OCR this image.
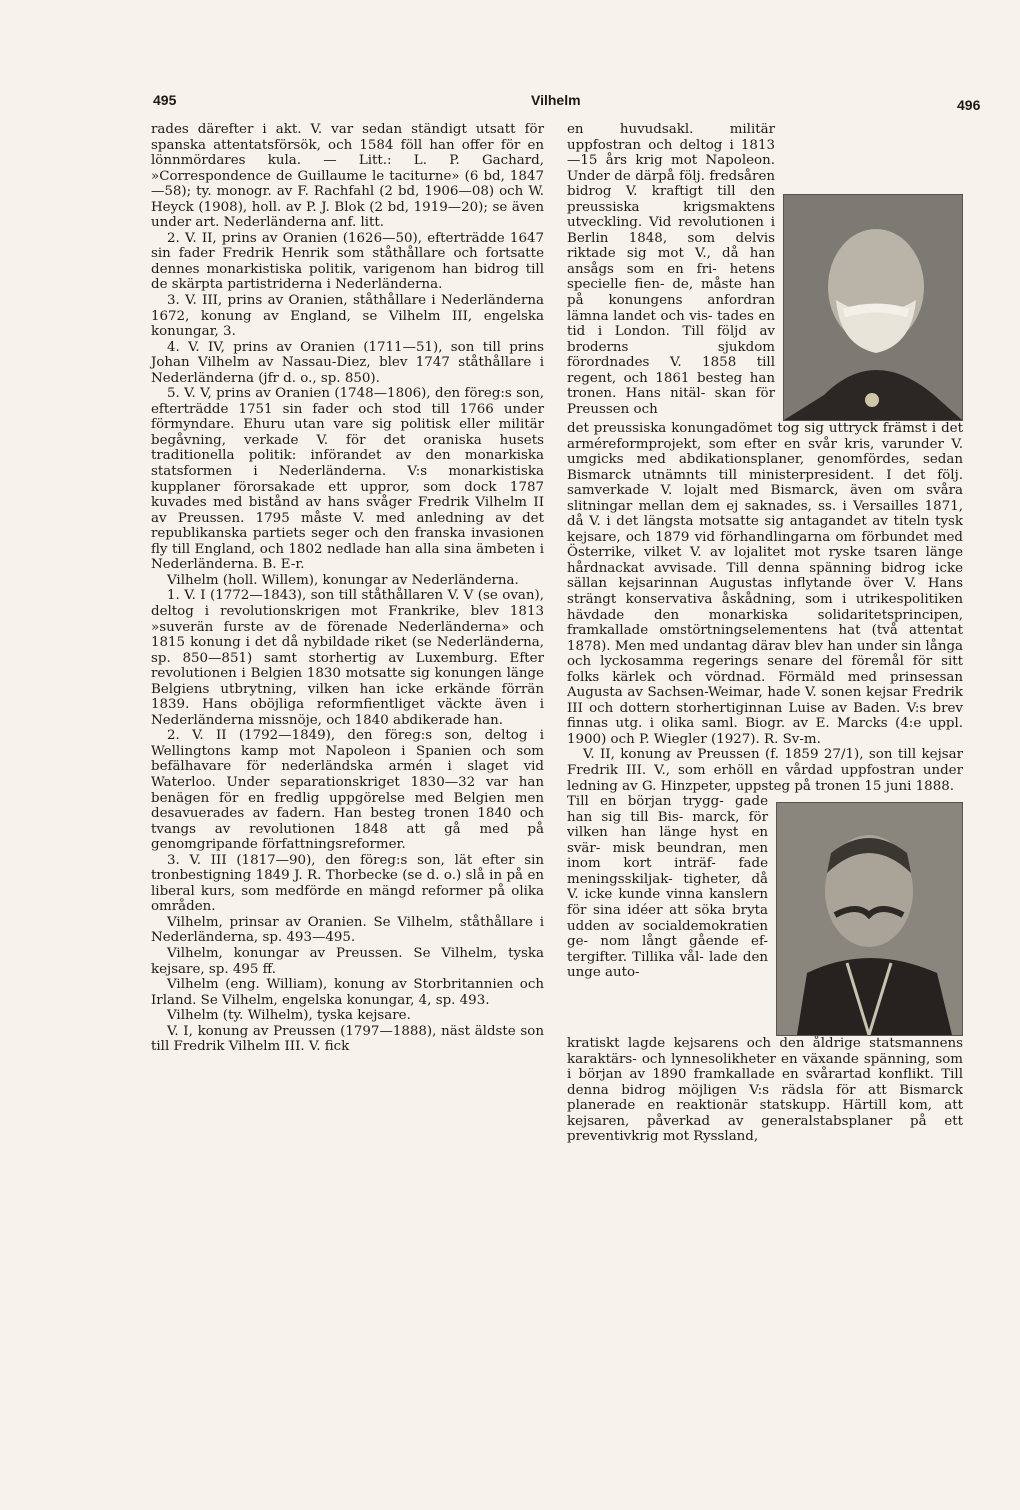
495	Vilhelm	496

rades därefter i akt. V. var sedan ständigt utsatt för spanska attentatsförsök, och 1584 föll han offer för en lönnmördares kula. — Litt.: L. P. Gachard, »Correspondence de Guillaume le taciturne» (6 bd, 1847—58); ty. monogr. av F. Rachfahl (2 bd, 1906—08) och W. Heyck (1908), holl. av P. J. Blok (2 bd, 1919—20); se även under art. Nederländerna anf. litt.

2. V. II, prins av Oranien (1626—50), efterträdde 1647 sin fader Fredrik Henrik som ståthållare och fortsatte dennes monarkistiska politik, varigenom han bidrog till de skärpta partistriderna i Nederländerna.

3. V. III, prins av Oranien, ståthållare i Nederländerna 1672, konung av England, se Vilhelm III, engelska konungar, 3.

4. V. IV, prins av Oranien (1711—51), son till prins Johan Vilhelm av Nassau-Diez, blev 1747 ståthållare i Nederländerna (jfr d. o., sp. 850).

5. V. V, prins av Oranien (1748—1806), den föreg:s son, efterträdde 1751 sin fader och stod till 1766 under förmyndare. Ehuru utan vare sig politisk eller militär begåvning, verkade V. för det oraniska husets traditionella politik: införandet av den monarkiska statsformen i Nederländerna. V:s monarkistiska kupplaner förorsakade ett uppror, som dock 1787 kuvades med bistånd av hans svåger Fredrik Vilhelm II av Preussen. 1795 måste V. med anledning av det republikanska partiets seger och den franska invasionen fly till England, och 1802 nedlade han alla sina ämbeten i Nederländerna. B. E-r.

Vilhelm (holl. Willem), konungar av Nederländerna.

1. V. I (1772—1843), son till ståthållaren V. V (se ovan), deltog i revolutionskrigen mot Frankrike, blev 1813 »suverän furste av de förenade Nederländerna» och 1815 konung i det då nybildade riket (se Nederländerna, sp. 850—851) samt storhertig av Luxemburg. Efter revolutionen i Belgien 1830 motsatte sig konungen länge Belgiens utbrytning, vilken han icke erkände förrän 1839. Hans oböjliga reformfientliget väckte även i Nederländerna missnöje, och 1840 abdikerade han.

2. V. II (1792—1849), den föreg:s son, deltog i Wellingtons kamp mot Napoleon i Spanien och som befälhavare för nederländska armén i slaget vid Waterloo. Under separationskriget 1830—32 var han benägen för en fredlig uppgörelse med Belgien men desavuerades av fadern. Han besteg tronen 1840 och tvangs av revolutionen 1848 att gå med på genomgripande författningsreformer.

3. V. III (1817—90), den föreg:s son, lät efter sin tronbestigning 1849 J. R. Thorbecke (se d. o.) slå in på en liberal kurs, som medförde en mängd reformer på olika områden.

Vilhelm, prinsar av Oranien. Se Vilhelm, ståthållare i Nederländerna, sp. 493—495.

Vilhelm, konungar av Preussen. Se Vilhelm, tyska kejsare, sp. 495 ff.

Vilhelm (eng. William), konung av Storbritannien och Irland. Se Vilhelm, engelska konungar, 4, sp. 493.

Vilhelm (ty. Wilhelm), tyska kejsare.

V. I, konung av Preussen (1797—1888), näst äldste son till Fredrik Vilhelm III. V. fick

en huvudsakl. militär uppfostran och deltog i 1813—15 års krig mot Napoleon. Under de därpå följ. fredsåren bidrog V. kraftigt till den preussiska krigsmaktens utveckling. Vid revolutionen i Berlin 1848, som delvis riktade sig mot V., då han ansågs som en fri- hetens specielle fien- de, måste han på konungens anfordran lämna landet och vis- tades en tid i London. Till följd av broderns sjukdom förordnades V. 1858 till regent, och 1861 besteg han tronen. Hans nitäl- skan för Preussen och

det preussiska konungadömet tog sig uttryck främst i det arméreformprojekt, som efter en svår kris, varunder V. umgicks med abdikationsplaner, genomfördes, sedan Bismarck utnämnts till ministerpresident. I det följ. samverkade V. lojalt med Bismarck, även om svåra slitningar mellan dem ej saknades, ss. i Versailles 1871, då V. i det längsta motsatte sig antagandet av titeln tysk kejsare, och 1879 vid förhandlingarna om förbundet med Österrike, vilket V. av lojalitet mot ryske tsaren länge hårdnackat avvisade. Till denna spänning bidrog icke sällan kejsarinnan Augustas inflytande över V. Hans strängt konservativa åskådning, som i utrikespolitiken hävdade den monarkiska solidaritetsprincipen, framkallade omstörtningselementens hat (två attentat 1878). Men med undantag därav blev han under sin långa och lyckosamma regerings senare del föremål för sitt folks kärlek och vördnad. Förmäld med prinsessan Augusta av Sachsen-Weimar, hade V. sonen kejsar Fredrik III och dottern storhertiginnan Luise av Baden. V:s brev finnas utg. i olika saml. Biogr. av E. Marcks (4:e uppl. 1900) och P. Wiegler (1927). R. Sv-m.

V. II, konung av Preussen (f. 1859 27/1), son till kejsar Fredrik III. V., som erhöll en vårdad uppfostran under ledning av G. Hinzpeter, uppsteg på tronen 15 juni 1888.

Till en början trygg- gade han sig till Bis- marck, för vilken han länge hyst en svär- misk beundran, men inom kort inträf- fade meningsskiljak- tigheter, då V. icke kunde vinna kanslern för sina idéer att söka bryta udden av socialdemokratien ge- nom långt gående ef- tergifter. Tillika vål- lade den unge auto-

kratiskt lagde kejsarens och den åldrige statsmannens karaktärs- och lynnesolikheter en växande spänning, som i början av 1890 framkallade en svårartad konflikt. Till denna bidrog möjligen V:s rädsla för att Bismarck planerade en reaktionär statskupp. Härtill kom, att kejsaren, påverkad av generalstabsplaner på ett preventivkrig mot Ryssland,
